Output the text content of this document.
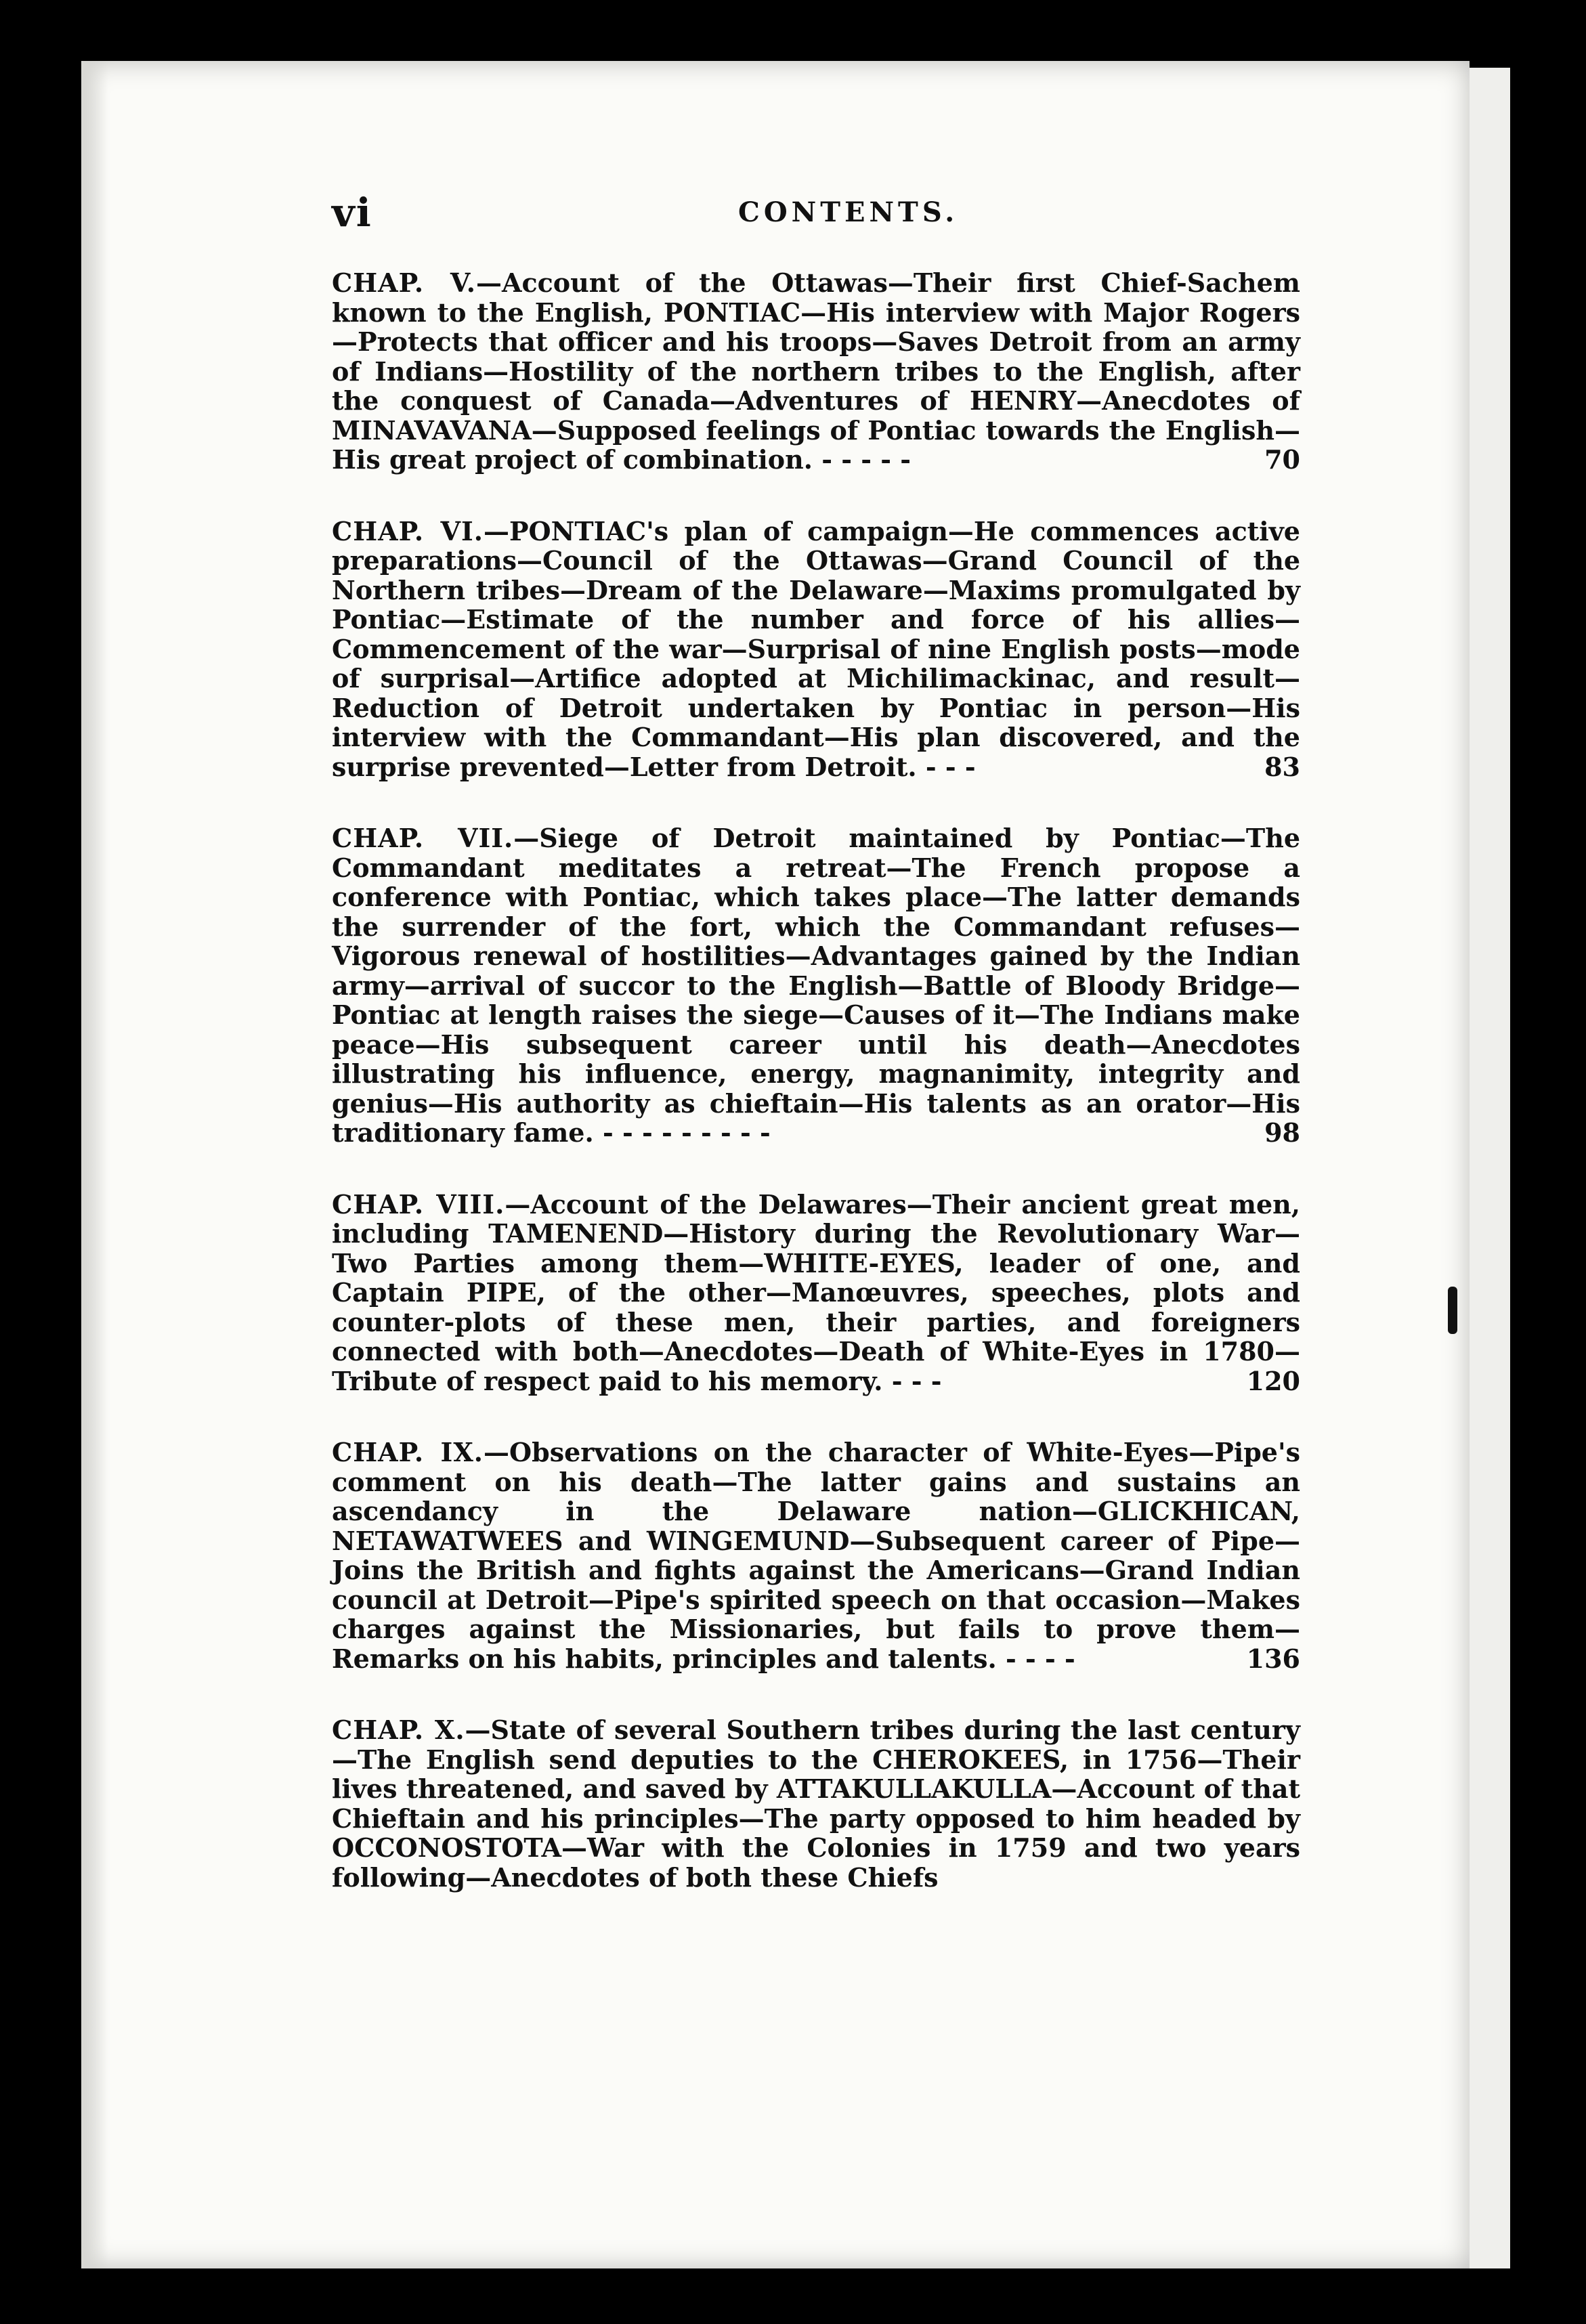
vi	CONTENTS.
CHAP. V.—Account of the Ottawas—Their first Chief-Sachem known to the English, PONTIAC—His interview with Major Rogers—Protects that officer and his troops—Saves Detroit from an army of Indians—Hostility of the northern tribes to the English, after the conquest of Canada—Adventures of HENRY—Anecdotes of MINAVAVANA—Supposed feelings of Pontiac towards the English—His great project of combination. - - - - -	70
CHAP. VI.—PONTIAC's plan of campaign—He commences active preparations—Council of the Ottawas—Grand Council of the Northern tribes—Dream of the Delaware—Maxims promulgated by Pontiac—Estimate of the number and force of his allies—Commencement of the war—Surprisal of nine English posts—mode of surprisal—Artifice adopted at Michilimackinac, and result—Reduction of Detroit undertaken by Pontiac in person—His interview with the Commandant—His plan discovered, and the surprise prevented—Letter from Detroit. - - -	83
CHAP. VII.—Siege of Detroit maintained by Pontiac—The Commandant meditates a retreat—The French propose a conference with Pontiac, which takes place—The latter demands the surrender of the fort, which the Commandant refuses—Vigorous renewal of hostilities—Advantages gained by the Indian army—arrival of succor to the English—Battle of Bloody Bridge—Pontiac at length raises the siege—Causes of it—The Indians make peace—His subsequent career until his death—Anecdotes illustrating his influence, energy, magnanimity, integrity and genius—His authority as chieftain—His talents as an orator—His traditionary fame. - - - - - - - - -	98
CHAP. VIII.—Account of the Delawares—Their ancient great men, including TAMENEND—History during the Revolutionary War—Two Parties among them—WHITE-EYES, leader of one, and Captain PIPE, of the other—Manœuvres, speeches, plots and counter-plots of these men, their parties, and foreigners connected with both—Anecdotes—Death of White-Eyes in 1780—Tribute of respect paid to his memory. - - -	120
CHAP. IX.—Observations on the character of White-Eyes—Pipe's comment on his death—The latter gains and sustains an ascendancy in the Delaware nation—GLICKHICAN, NETAWATWEES and WINGEMUND—Subsequent career of Pipe—Joins the British and fights against the Americans—Grand Indian council at Detroit—Pipe's spirited speech on that occasion—Makes charges against the Missionaries, but fails to prove them—Remarks on his habits, principles and talents. - - - -	136
CHAP. X.—State of several Southern tribes during the last century—The English send deputies to the CHEROKEES, in 1756—Their lives threatened, and saved by ATTAKULLAKULLA—Account of that Chieftain and his principles—The party opposed to him headed by OCCONOSTOTA—War with the Colonies in 1759 and two years following—Anecdotes of both these Chiefs
